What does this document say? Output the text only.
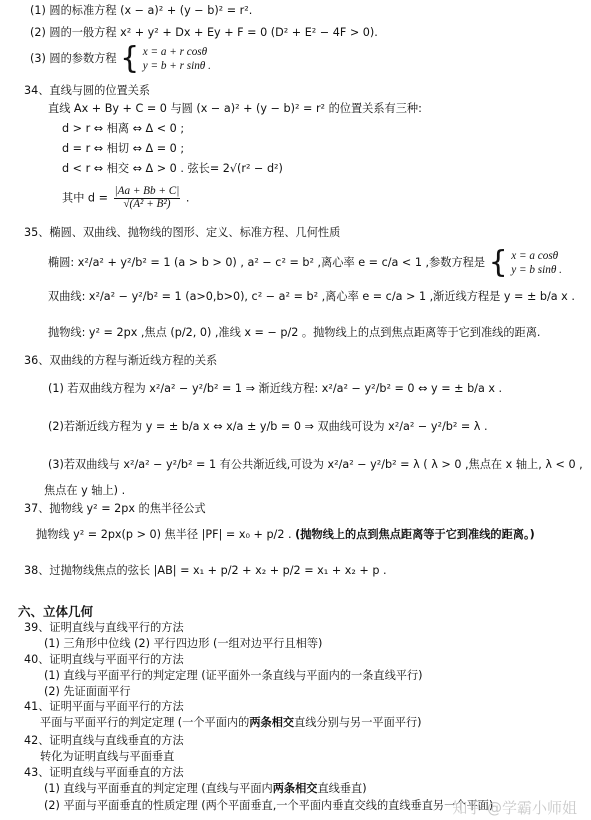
(1) 圆的标准方程 (x − a)² + (y − b)² = r².
(2) 圆的一般方程 x² + y² + Dx + Ey + F = 0 (D² + E² − 4F > 0).
(3) 圆的参数方程 { x = a + r cosθ
y = b + r sinθ .
34、直线与圆的位置关系
直线 Ax + By + C = 0 与圆 (x − a)² + (y − b)² = r² 的位置关系有三种:
d > r ⇔ 相离 ⇔ Δ < 0 ;
d = r ⇔ 相切 ⇔ Δ = 0 ;
d < r ⇔ 相交 ⇔ Δ > 0 . 弦长= 2√(r² − d²)
其中 $d = \frac{|Aa + Bb + C|}{\text{√(A² + B²)}}$ .
35、椭圆、双曲线、抛物线的图形、定义、标准方程、几何性质
椭圆: x²/a² + y²/b² = 1 (a > b > 0) , a² − c² = b² ,离心率 e = c/a < 1 ,参数方程是 { x = a cosθ
y = b sinθ .
双曲线: x²/a² − y²/b² = 1 (a>0,b>0), c² − a² = b² ,离心率 e = c/a > 1 ,渐近线方程是 y = ± b/a x .
抛物线: y² = 2px ,焦点 (p/2, 0) ,准线 x = − p/2 。抛物线上的点到焦点距离等于它到准线的距离.
36、双曲线的方程与渐近线方程的关系
(1) 若双曲线方程为 x²/a² − y²/b² = 1 ⇒ 渐近线方程: x²/a² − y²/b² = 0 ⇔ y = ± b/a x .
(2)若渐近线方程为 y = ± b/a x ⇔ x/a ± y/b = 0 ⇒ 双曲线可设为 x²/a² − y²/b² = λ .
(3)若双曲线与 x²/a² − y²/b² = 1 有公共渐近线,可设为 x²/a² − y²/b² = λ ( λ > 0 ,焦点在 x 轴上, λ < 0 ,
焦点在 y 轴上) .
37、抛物线 y² = 2px 的焦半径公式
抛物线 y² = 2px(p > 0) 焦半径 |PF| = x₀ + p/2 . (抛物线上的点到焦点距离等于它到准线的距离。)
38、过抛物线焦点的弦长 |AB| = x₁ + p/2 + x₂ + p/2 = x₁ + x₂ + p .
六、立体几何
39、证明直线与直线平行的方法
(1) 三角形中位线 (2) 平行四边形 (一组对边平行且相等)
40、证明直线与平面平行的方法
(1) 直线与平面平行的判定定理 (证平面外一条直线与平面内的一条直线平行)
(2) 先证面面平行
41、证明平面与平面平行的方法
平面与平面平行的判定定理 (一个平面内的两条相交直线分别与另一平面平行)
42、证明直线与直线垂直的方法
转化为证明直线与平面垂直
43、证明直线与平面垂直的方法
(1) 直线与平面垂直的判定定理 (直线与平面内两条相交直线垂直)
(2) 平面与平面垂直的性质定理 (两个平面垂直,一个平面内垂直交线的直线垂直另一个平面)
知乎 @学霸小师姐
